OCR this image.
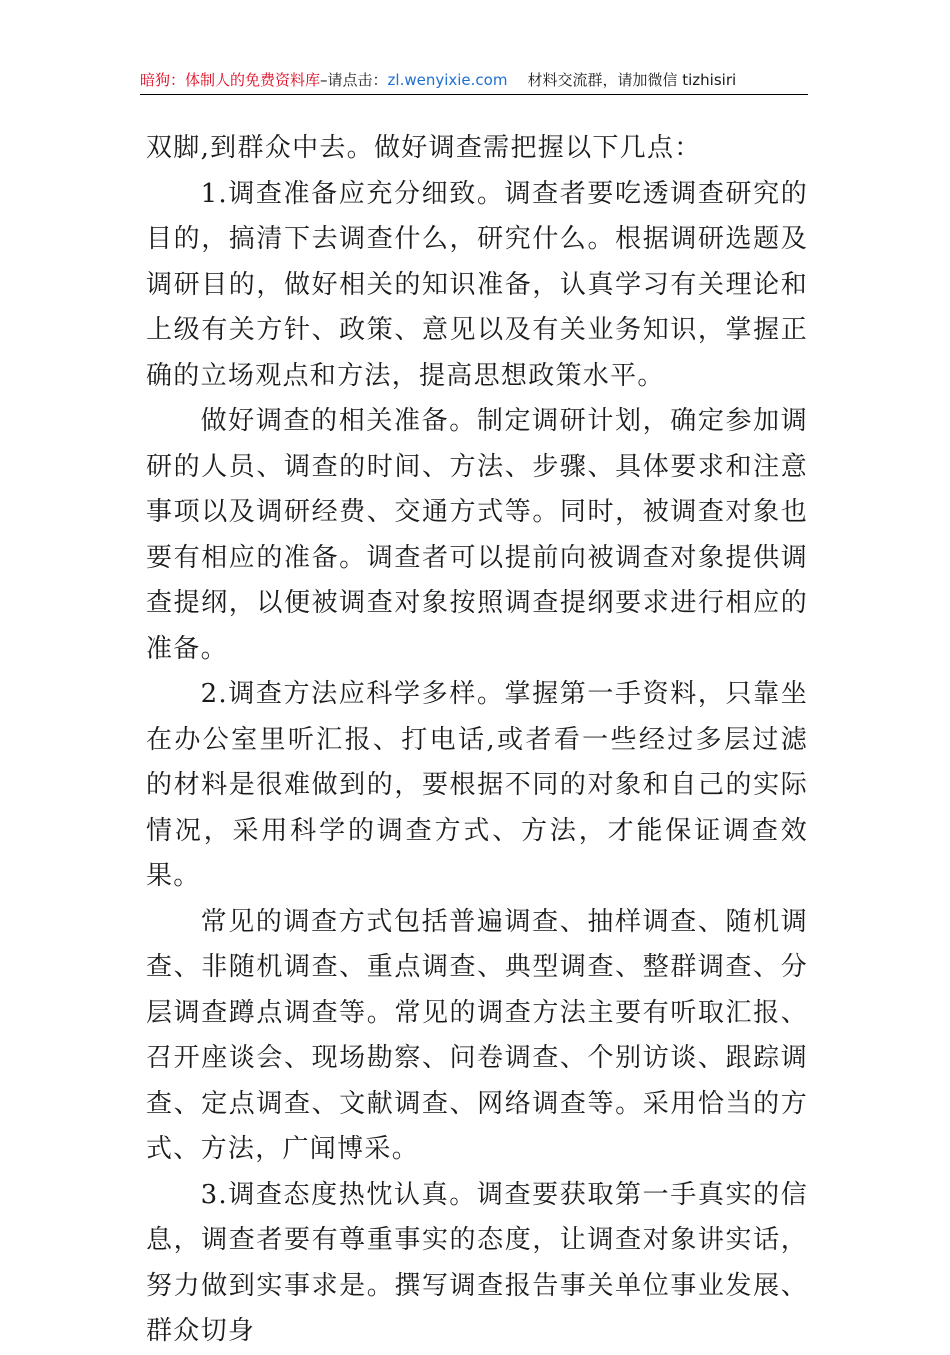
暗狗：体制人的免费资料库–请点击：zl.wenyixie.com 材料交流群，请加微信 tizhisiri

双脚,到群众中去。做好调查需把握以下几点：

1.调查准备应充分细致。调查者要吃透调查研究的目的，搞清下去调查什么，研究什么。根据调研选题及调研目的，做好相关的知识准备，认真学习有关理论和上级有关方针、政策、意见以及有关业务知识，掌握正确的立场观点和方法，提高思想政策水平。

做好调查的相关准备。制定调研计划，确定参加调研的人员、调查的时间、方法、步骤、具体要求和注意事项以及调研经费、交通方式等。同时，被调查对象也要有相应的准备。调查者可以提前向被调查对象提供调查提纲，以便被调查对象按照调查提纲要求进行相应的准备。

2.调查方法应科学多样。掌握第一手资料，只靠坐在办公室里听汇报、打电话,或者看一些经过多层过滤的材料是很难做到的，要根据不同的对象和自己的实际情况，采用科学的调查方式、方法，才能保证调查效果。

常见的调查方式包括普遍调查、抽样调查、随机调查、非随机调查、重点调查、典型调查、整群调查、分层调查蹲点调查等。常见的调查方法主要有听取汇报、召开座谈会、现场勘察、问卷调查、个别访谈、跟踪调查、定点调查、文献调查、网络调查等。采用恰当的方式、方法，广闻博采。

3.调查态度热忱认真。调查要获取第一手真实的信息，调查者要有尊重事实的态度，让调查对象讲实话，努力做到实事求是。撰写调查报告事关单位事业发展、群众切身
